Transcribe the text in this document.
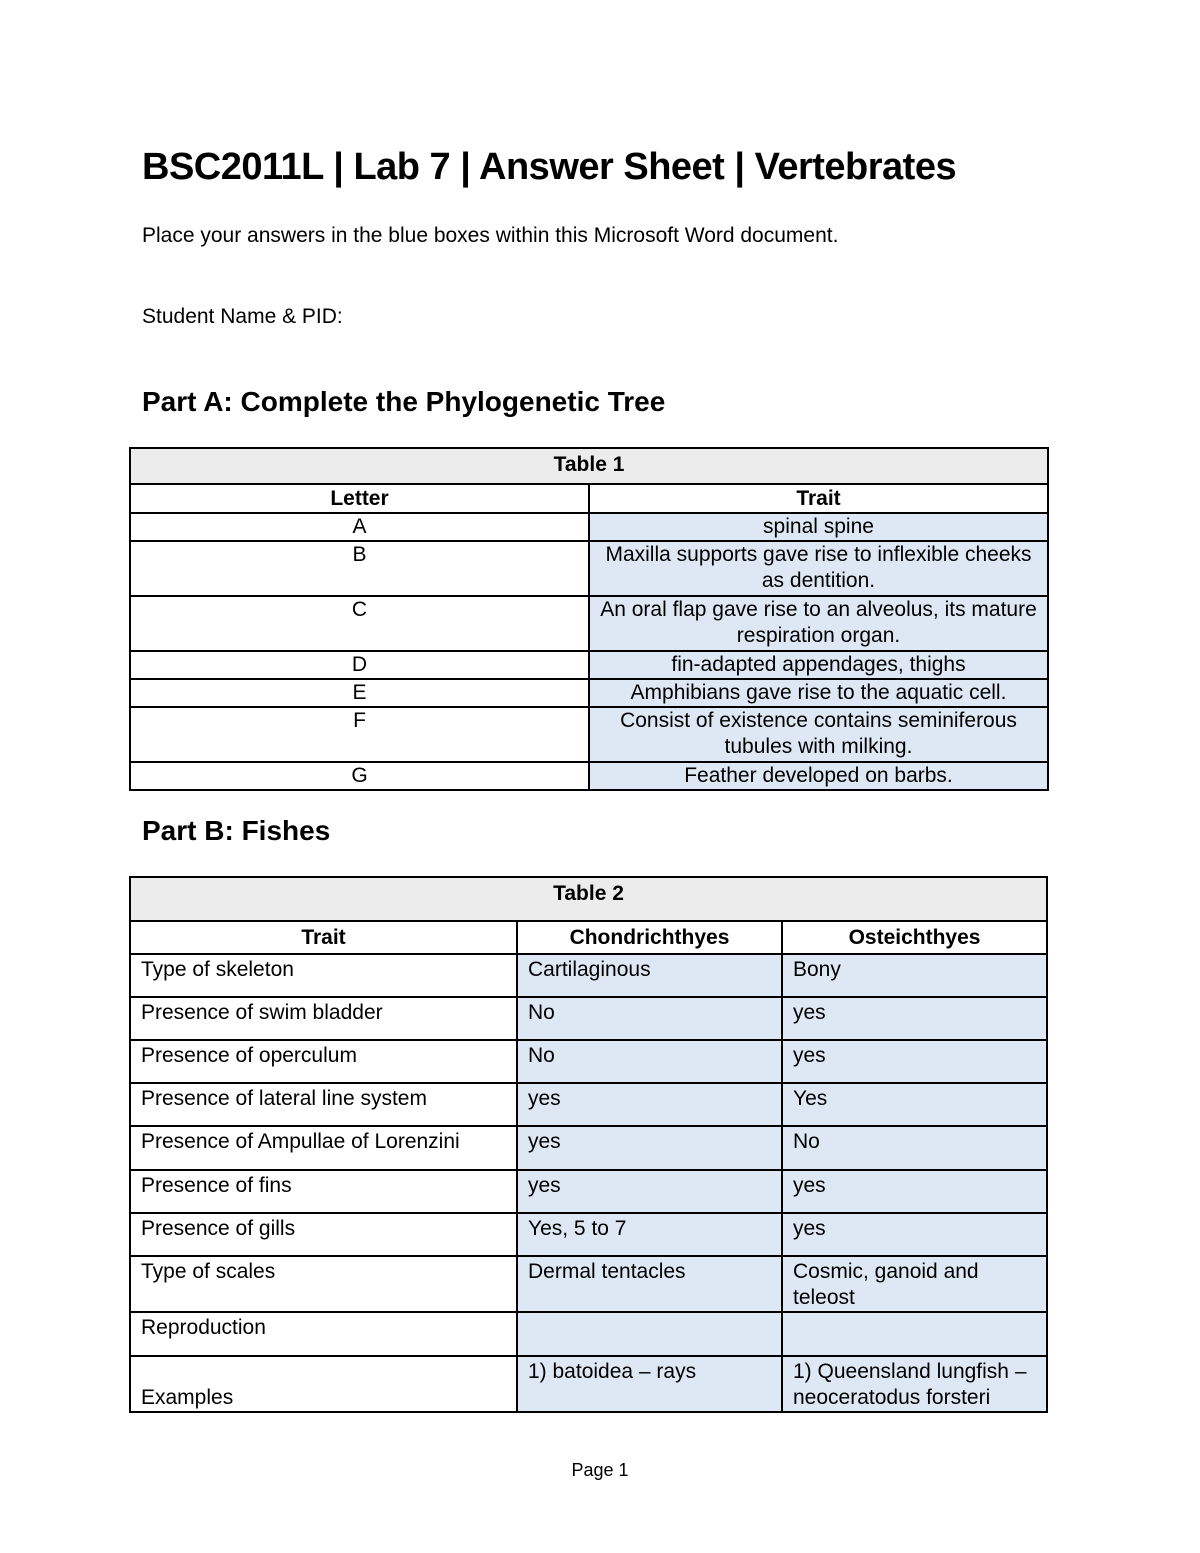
BSC2011L | Lab 7 | Answer Sheet | Vertebrates

Place your answers in the blue boxes within this Microsoft Word document.

Student Name & PID:

Part A: Complete the Phylogenetic Tree
Table 1	
Letter	Trait
A	spinal spine
B	Maxilla supports gave rise to inflexible cheeks as dentition.
C	An oral flap gave rise to an alveolus, its mature respiration organ.
D	fin-adapted appendages, thighs
E	Amphibians gave rise to the aquatic cell.
F	Consist of existence contains seminiferous tubules with milking.
G	Feather developed on barbs.
Part B: Fishes
Table 2		
Trait	Chondrichthyes	Osteichthyes
Type of skeleton	Cartilaginous	Bony
Presence of swim bladder	No	yes
Presence of operculum	No	yes
Presence of lateral line system	yes	Yes
Presence of Ampullae of Lorenzini	yes	No
Presence of fins	yes	yes
Presence of gills	Yes, 5 to 7	yes
Type of scales	Dermal tentacles	Cosmic, ganoid and teleost
Reproduction		
Examples	1) batoidea – rays	1) Queensland lungfish – neoceratodus forsteri

Page 1
